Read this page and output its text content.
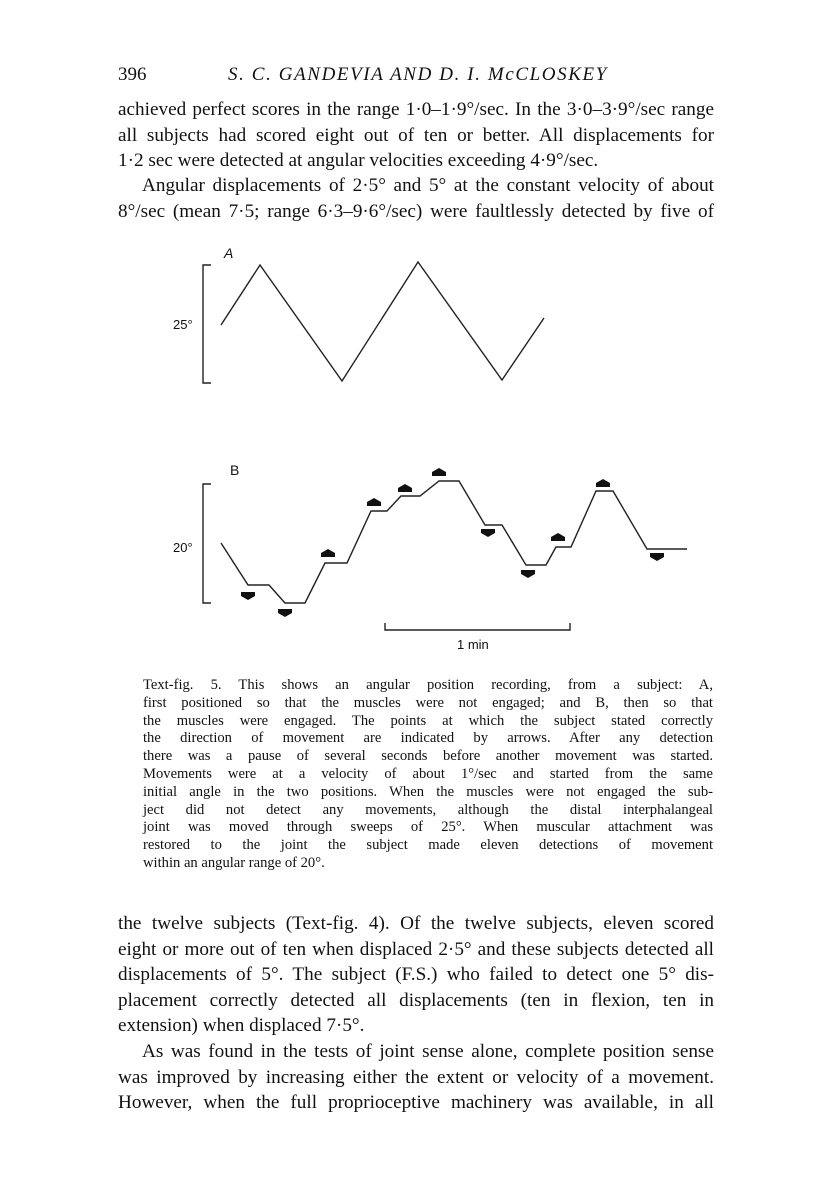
396	S. C. GANDEVIA AND D. I. McCLOSKEY
achieved perfect scores in the range 1·0–1·9°/sec. In the 3·0–3·9°/sec range
all subjects had scored eight out of ten or better. All displacements for
1·2 sec were detected at angular velocities exceeding 4·9°/sec.
Angular displacements of 2·5° and 5° at the constant velocity of about
8°/sec (mean 7·5; range 6·3–9·6°/sec) were faultlessly detected by five of
A
25°
B
20°
1 min
Text-fig. 5. This shows an angular position recording, from a subject: A,
first positioned so that the muscles were not engaged; and B, then so that
the muscles were engaged. The points at which the subject stated correctly
the direction of movement are indicated by arrows. After any detection
there was a pause of several seconds before another movement was started.
Movements were at a velocity of about 1°/sec and started from the same
initial angle in the two positions. When the muscles were not engaged the sub-
ject did not detect any movements, although the distal interphalangeal
joint was moved through sweeps of 25°. When muscular attachment was
restored to the joint the subject made eleven detections of movement
within an angular range of 20°.
the twelve subjects (Text-fig. 4). Of the twelve subjects, eleven scored
eight or more out of ten when displaced 2·5° and these subjects detected all
displacements of 5°. The subject (F.S.) who failed to detect one 5° dis-
placement correctly detected all displacements (ten in flexion, ten in
extension) when displaced 7·5°.
As was found in the tests of joint sense alone, complete position sense
was improved by increasing either the extent or velocity of a movement.
However, when the full proprioceptive machinery was available, in all
